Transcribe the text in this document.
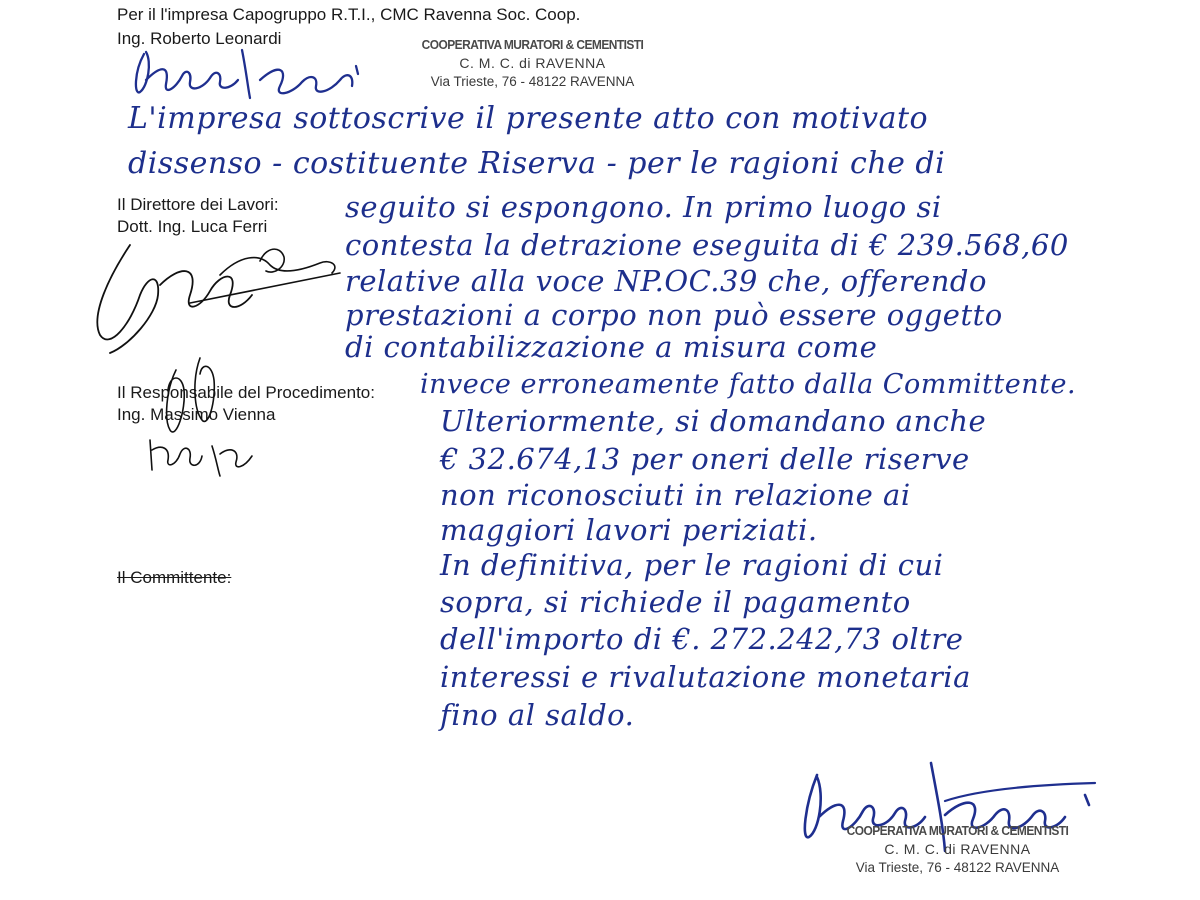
Per il l'impresa Capogruppo R.T.I., CMC Ravenna Soc. Coop.
Ing. Roberto Leonardi	COOPERATIVA MURATORI & CEMENTISTI
C. M. C. di RAVENNA
Via Trieste, 76 - 48122 RAVENNA
Il Direttore dei Lavori:
Dott. Ing. Luca Ferri
Il Responsabile del Procedimento:
Ing. Massimo Vienna
Il Committente:
L'impresa sottoscrive il presente atto con motivato
dissenso - costituente Riserva - per le ragioni che di
seguito si espongono. In primo luogo si
contesta la detrazione eseguita di € 239.568,60
relative alla voce NP.OC.39 che, offerendo
prestazioni a corpo non può essere oggetto
di contabilizzazione a misura come
invece erroneamente fatto dalla Committente.
Ulteriormente, si domandano anche
€ 32.674,13 per oneri delle riserve
non riconosciuti in relazione ai
maggiori lavori periziati.
In definitiva, per le ragioni di cui
sopra, si richiede il pagamento
dell'importo di €. 272.242,73 oltre
interessi e rivalutazione monetaria
fino al saldo.
COOPERATIVA MURATORI & CEMENTISTI
C. M. C. di RAVENNA
Via Trieste, 76 - 48122 RAVENNA
